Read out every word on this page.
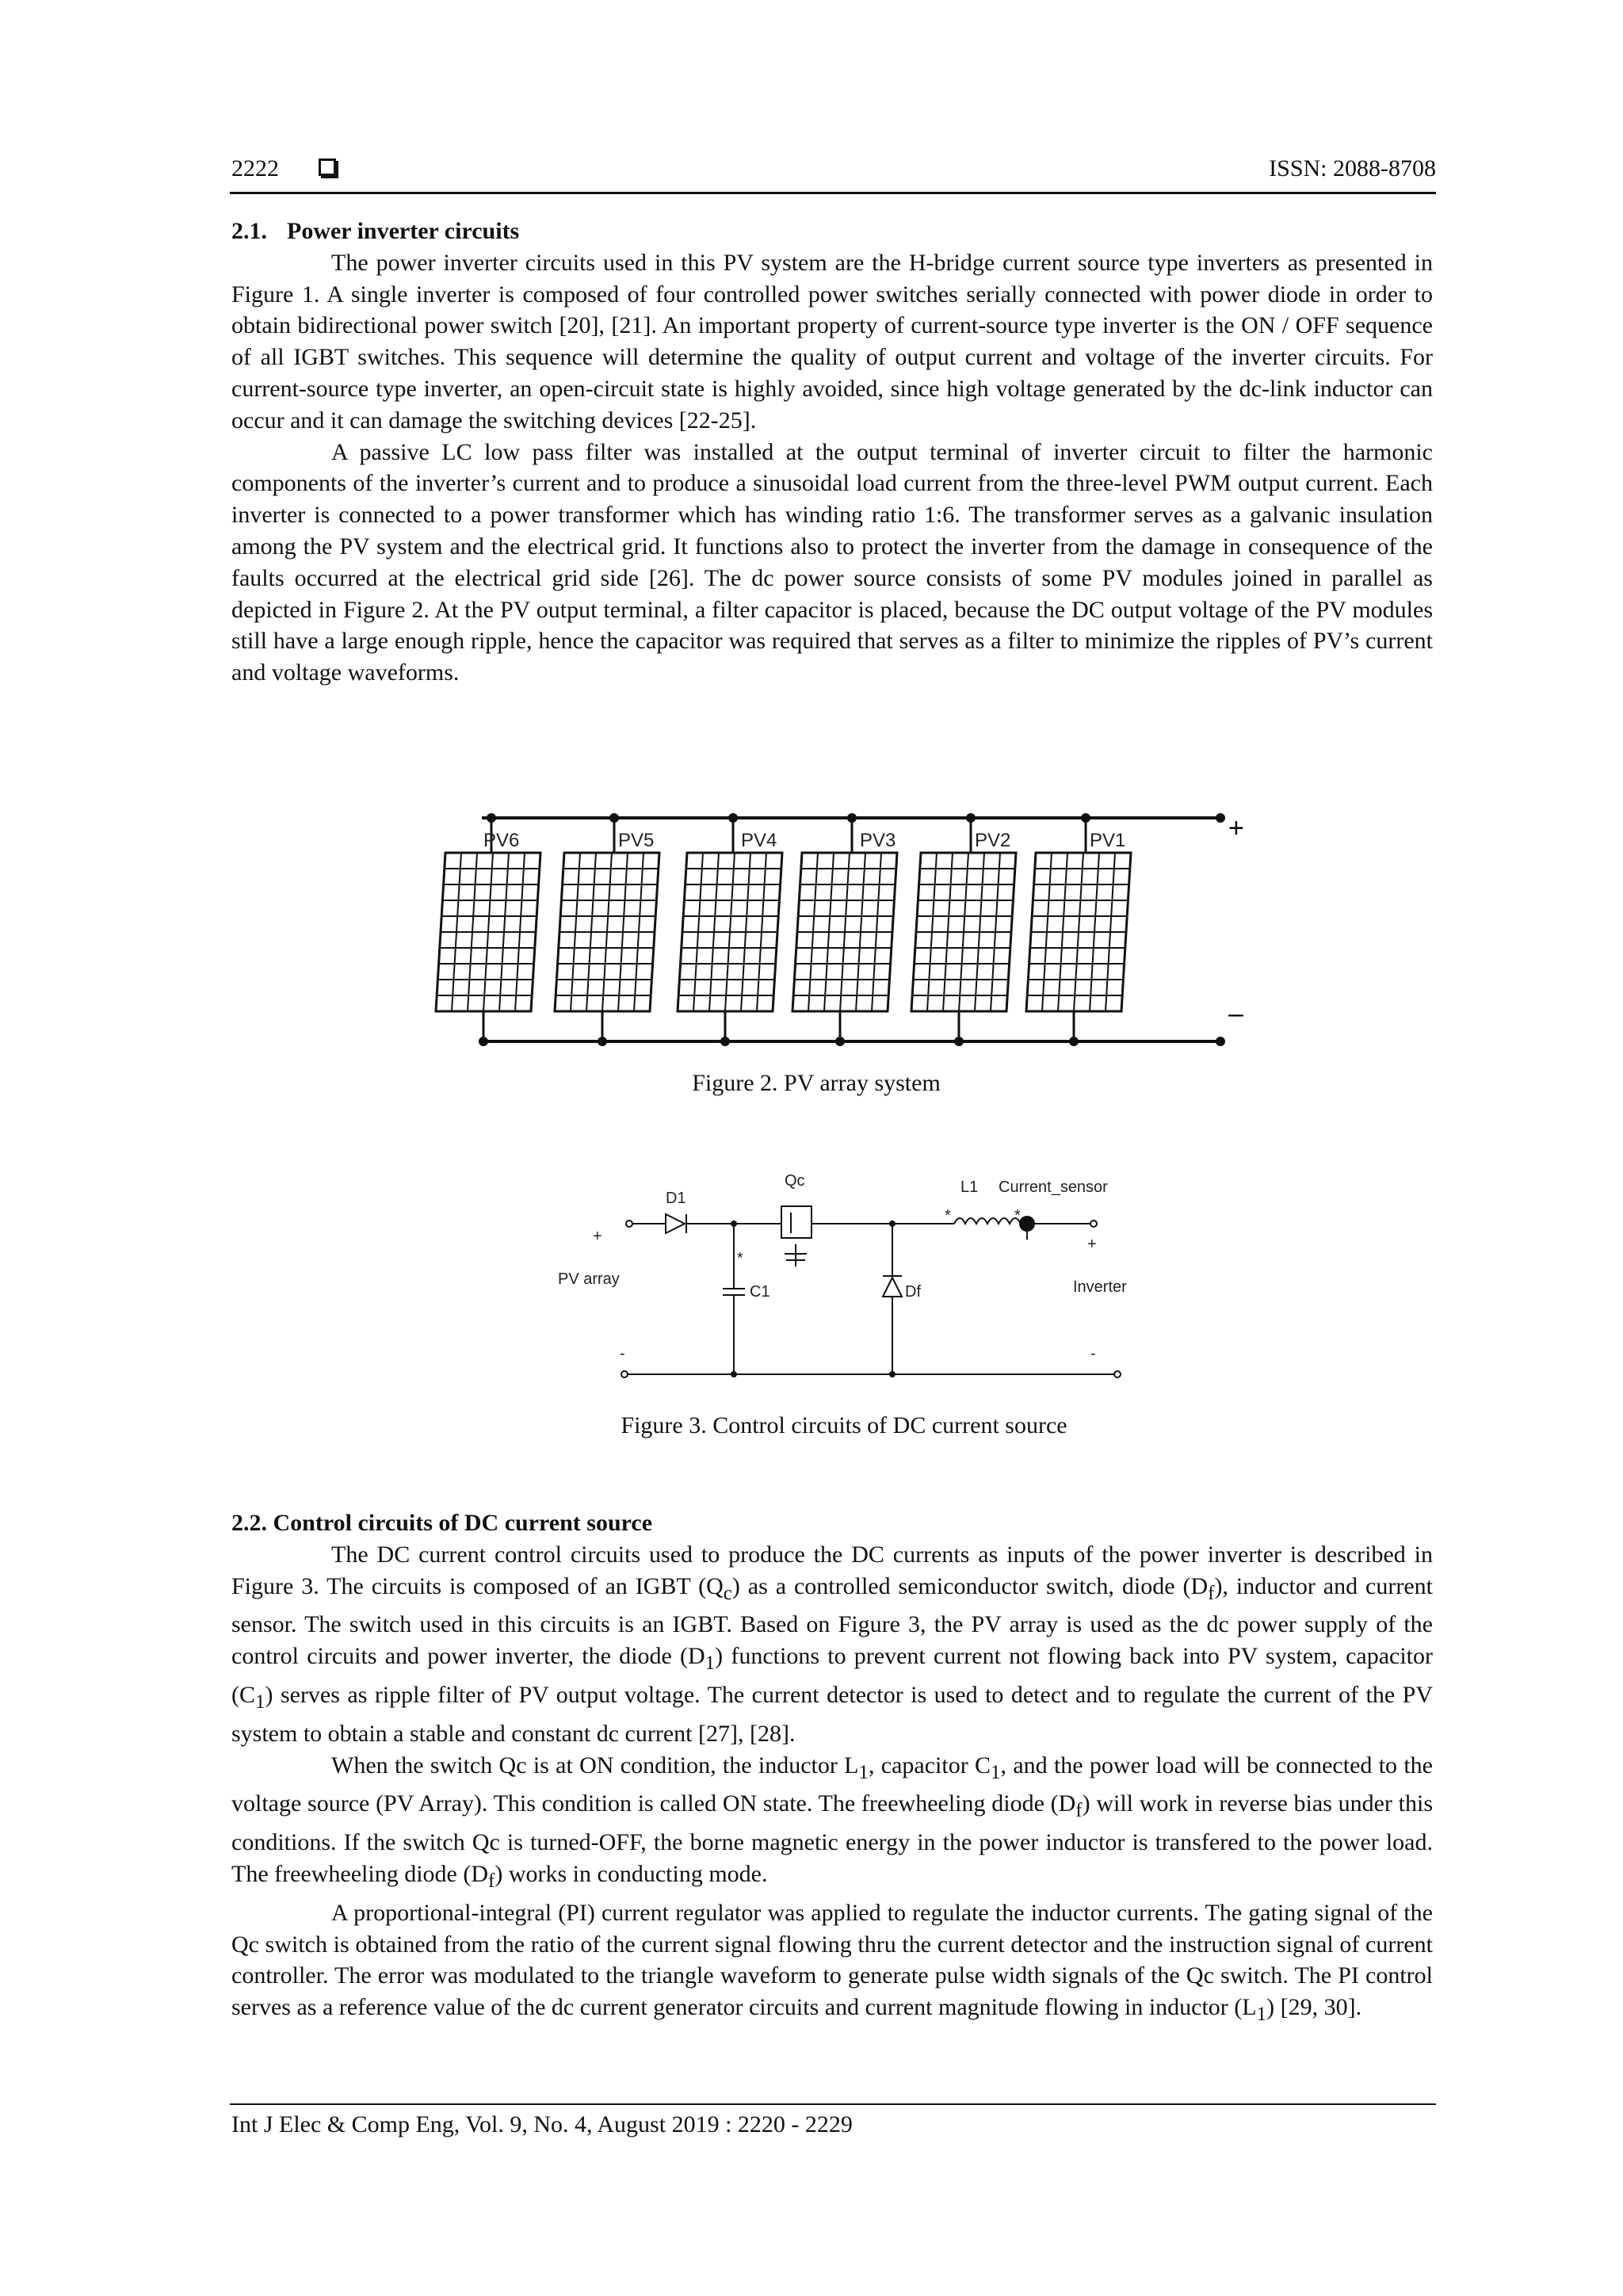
2222	ISSN: 2088-8708
2.1. Power inverter circuits

The power inverter circuits used in this PV system are the H-bridge current source type inverters as presented in Figure 1. A single inverter is composed of four controlled power switches serially connected with power diode in order to obtain bidirectional power switch [20], [21]. An important property of current-source type inverter is the ON / OFF sequence of all IGBT switches. This sequence will determine the quality of output current and voltage of the inverter circuits. For current-source type inverter, an open-circuit state is highly avoided, since high voltage generated by the dc-link inductor can occur and it can damage the switching devices [22-25].

A passive LC low pass filter was installed at the output terminal of inverter circuit to filter the harmonic components of the inverter’s current and to produce a sinusoidal load current from the three-level PWM output current. Each inverter is connected to a power transformer which has winding ratio 1:6. The transformer serves as a galvanic insulation among the PV system and the electrical grid. It functions also to protect the inverter from the damage in consequence of the faults occurred at the electrical grid side [26]. The dc power source consists of some PV modules joined in parallel as depicted in Figure 2. At the PV output terminal, a filter capacitor is placed, because the DC output voltage of the PV modules still have a large enough ripple, hence the capacitor was required that serves as a filter to minimize the ripples of PV’s current and voltage waveforms.

+
–
PV6	PV5	PV4	PV3	PV2	PV1
Figure 2. PV array system
D1
Qc	L1 Current_sensor
PV array
C1	Df	Inverter
+	+
-	-
*
*	*
Figure 3. Control circuits of DC current source
2.2. Control circuits of DC current source

The DC current control circuits used to produce the DC currents as inputs of the power inverter is described in Figure 3. The circuits is composed of an IGBT $(Q_c)$ as a controlled semiconductor switch, diode $(D_f)$, inductor and current sensor. The switch used in this circuits is an IGBT. Based on Figure 3, the PV array is used as the dc power supply of the control circuits and power inverter, the diode $(D_1)$ functions to prevent current not flowing back into PV system, capacitor $(C_1)$ serves as ripple filter of PV output voltage. The current detector is used to detect and to regulate the current of the PV system to obtain a stable and constant dc current [27], [28].

When the switch Qc is at ON condition, the inductor $L_1$, capacitor $C_1$, and the power load will be connected to the voltage source (PV Array). This condition is called ON state. The freewheeling diode $(D_f)$ will work in reverse bias under this conditions. If the switch Qc is turned-OFF, the borne magnetic energy in the power inductor is transfered to the power load. The freewheeling diode $(D_f)$ works in conducting mode.

A proportional-integral (PI) current regulator was applied to regulate the inductor currents. The gating signal of the Qc switch is obtained from the ratio of the current signal flowing thru the current detector and the instruction signal of current controller. The error was modulated to the triangle waveform to generate pulse width signals of the Qc switch. The PI control serves as a reference value of the dc current generator circuits and current magnitude flowing in inductor $(L_1)$ [29, 30].

Int J Elec & Comp Eng, Vol. 9, No. 4, August 2019 : 2220 - 2229
